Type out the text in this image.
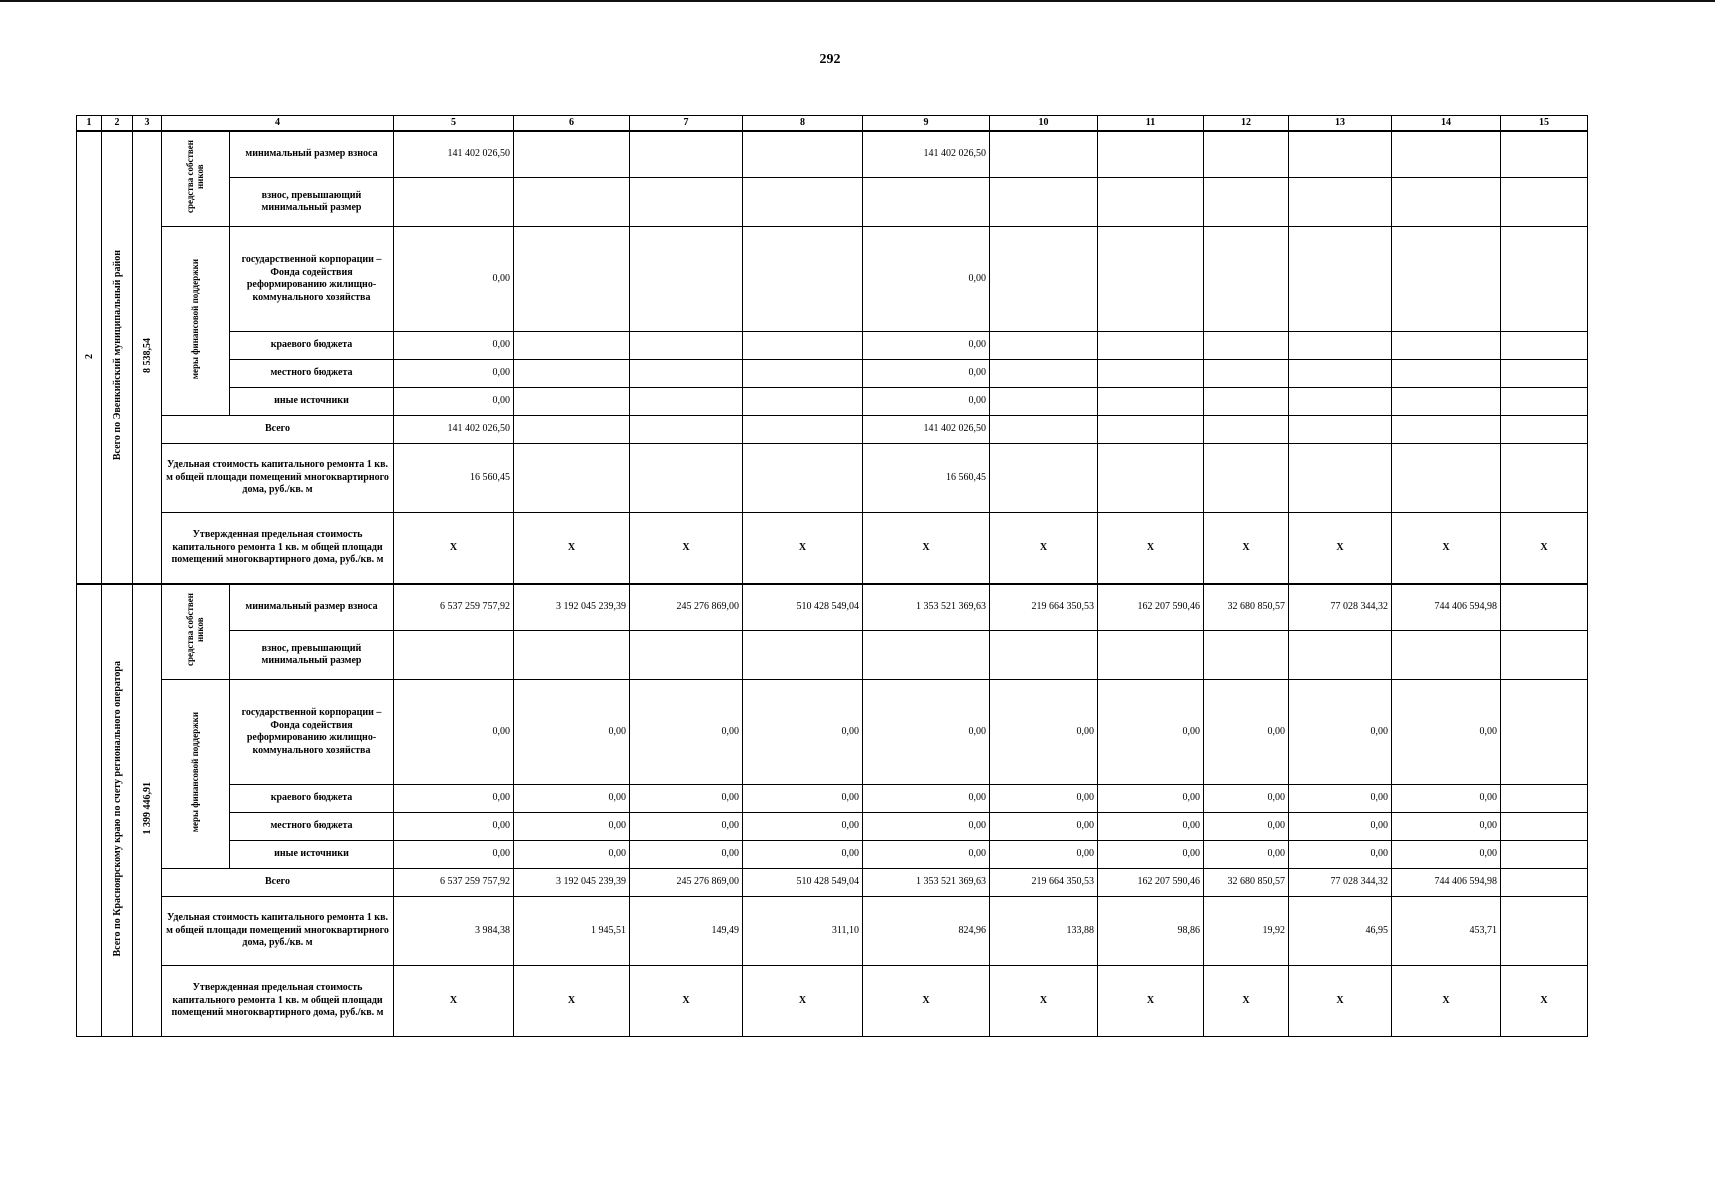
292
1	2	3	4		5	6	7	8	9	10	11	12	13	14	15
2	Всего по Эвенкийский муниципальный район	8 538,54	средства собствен ников	минимальный размер взноса	141 402 026,50				141 402 026,50						
				взнос, превышающий минимальный размер											
			меры финансовой поддержки	государственной корпорации – Фонда содействия реформированию жилищно-коммунального хозяйства	0,00				0,00						
				краевого бюджета	0,00				0,00						
				местного бюджета	0,00				0,00						
				иные источники	0,00				0,00						
			Всего		141 402 026,50				141 402 026,50						
			Удельная стоимость капитального ремонта 1 кв. м общей площади помещений многоквартирного дома, руб./кв. м		16 560,45				16 560,45						
			Утвержденная предельная стоимость капитального ремонта 1 кв. м общей площади помещений многоквартирного дома, руб./кв. м		X	X	X	X	X	X	X	X	X	X	X
	Всего по Красноярскому краю по счету регионального оператора	1 399 446,91	средства собствен ников	минимальный размер взноса	6 537 259 757,92	3 192 045 239,39	245 276 869,00	510 428 549,04	1 353 521 369,63	219 664 350,53	162 207 590,46	32 680 850,57	77 028 344,32	744 406 594,98	
				взнос, превышающий минимальный размер											
			меры финансовой поддержки	государственной корпорации – Фонда содействия реформированию жилищно-коммунального хозяйства	0,00	0,00	0,00	0,00	0,00	0,00	0,00	0,00	0,00	0,00	
				краевого бюджета	0,00	0,00	0,00	0,00	0,00	0,00	0,00	0,00	0,00	0,00	
				местного бюджета	0,00	0,00	0,00	0,00	0,00	0,00	0,00	0,00	0,00	0,00	
				иные источники	0,00	0,00	0,00	0,00	0,00	0,00	0,00	0,00	0,00	0,00	
			Всего		6 537 259 757,92	3 192 045 239,39	245 276 869,00	510 428 549,04	1 353 521 369,63	219 664 350,53	162 207 590,46	32 680 850,57	77 028 344,32	744 406 594,98	
			Удельная стоимость капитального ремонта 1 кв. м общей площади помещений многоквартирного дома, руб./кв. м		3 984,38	1 945,51	149,49	311,10	824,96	133,88	98,86	19,92	46,95	453,71	
			Утвержденная предельная стоимость капитального ремонта 1 кв. м общей площади помещений многоквартирного дома, руб./кв. м		X	X	X	X	X	X	X	X	X	X	X
